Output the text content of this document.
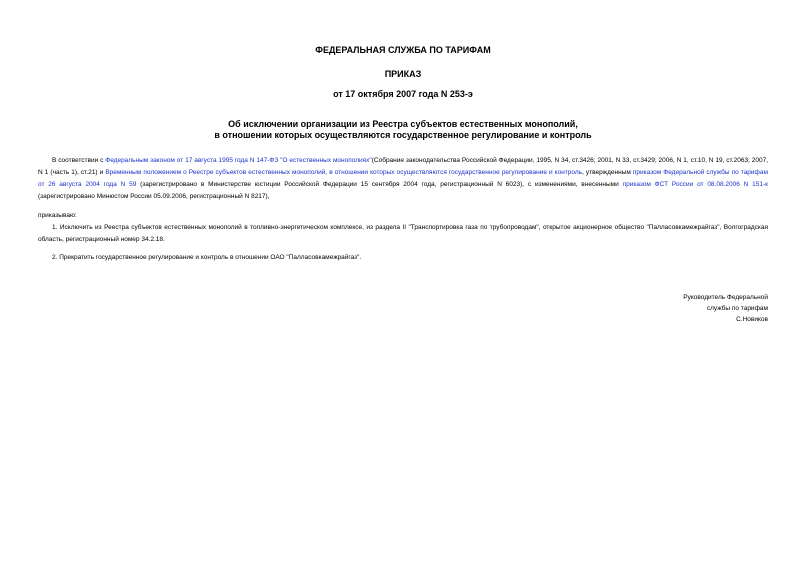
ФЕДЕРАЛЬНАЯ СЛУЖБА ПО ТАРИФАМ
ПРИКАЗ
от 17 октября 2007 года N 253-э
Об исключении организации из Реестра субъектов естественных монополий,
в отношении которых осуществляются государственное регулирование и контроль
В соответствии с Федеральным законом от 17 августа 1995 года N 147-ФЗ "О естественных монополиях"(Собрание законодательства Российской Федерации, 1995, N 34, ст.3426; 2001, N 33, ст.3429; 2006, N 1, ст.10, N 19, ст.2063; 2007, N 1 (часть 1), ст.21) и Временным положением о Реестре субъектов естественных монополий, в отношении которых осуществляются государственное регулирование и контроль, утвержденным приказом Федеральной службы по тарифам от 26 августа 2004 года N 59 (зарегистрировано в Министерстве юстиции Российской Федерации 15 сентября 2004 года, регистрационный N 6023), с изменениями, внесенными приказом ФСТ России от 08.08.2006 N 151-к (зарегистрировано Минюстом России 05.09.2006, регистрационный N 8217),
приказываю:
1. Исключить из Реестра субъектов естественных монополий в топливно-энергетическом комплексе, из раздела II "Транспортировка газа по трубопроводам", открытое акционерное общество "Палласовкамежрайгаз", Волгоградская область, регистрационный номер 34.2.18.
2. Прекратить государственное регулирование и контроль в отношении ОАО "Палласовкамежрайгаз".
Руководитель Федеральной
службы по тарифам
С.Новиков
